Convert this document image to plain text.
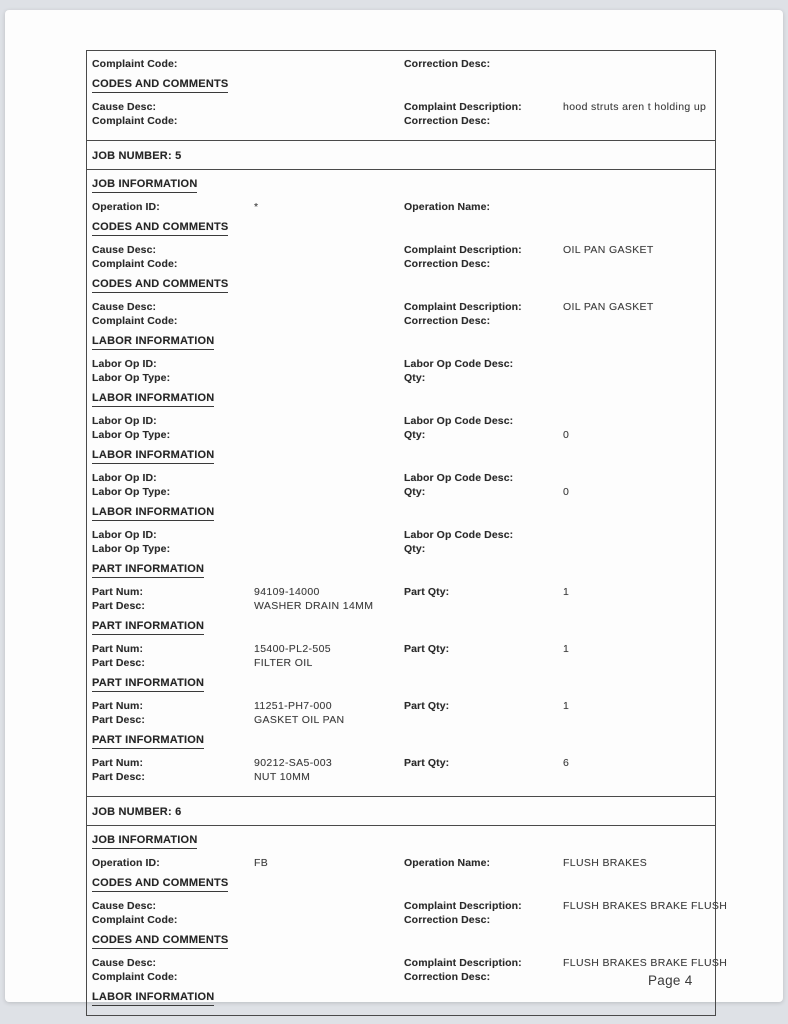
Complaint Code:	Correction Desc:
CODES AND COMMENTS
Cause Desc:	Complaint Description:	hood struts aren t holding up
Complaint Code:	Correction Desc:
JOB NUMBER: 5
JOB INFORMATION
Operation ID:	*	Operation Name:
CODES AND COMMENTS
Cause Desc:	Complaint Description:	OIL PAN GASKET
Complaint Code:	Correction Desc:
CODES AND COMMENTS
Cause Desc:	Complaint Description:	OIL PAN GASKET
Complaint Code:	Correction Desc:
LABOR INFORMATION
Labor Op ID:	Labor Op Code Desc:
Labor Op Type:	Qty:
LABOR INFORMATION
Labor Op ID:	Labor Op Code Desc:
Labor Op Type:	Qty:	0
LABOR INFORMATION
Labor Op ID:	Labor Op Code Desc:
Labor Op Type:	Qty:	0
LABOR INFORMATION
Labor Op ID:	Labor Op Code Desc:
Labor Op Type:	Qty:
PART INFORMATION
Part Num:	94109-14000	Part Qty:	1
Part Desc:	WASHER DRAIN 14MM
PART INFORMATION
Part Num:	15400-PL2-505	Part Qty:	1
Part Desc:	FILTER OIL
PART INFORMATION
Part Num:	11251-PH7-000	Part Qty:	1
Part Desc:	GASKET OIL PAN
PART INFORMATION
Part Num:	90212-SA5-003	Part Qty:	6
Part Desc:	NUT 10MM
JOB NUMBER: 6
JOB INFORMATION
Operation ID:	FB	Operation Name:	FLUSH BRAKES
CODES AND COMMENTS
Cause Desc:	Complaint Description:	FLUSH BRAKES BRAKE FLUSH
Complaint Code:	Correction Desc:
CODES AND COMMENTS
Cause Desc:	Complaint Description:	FLUSH BRAKES BRAKE FLUSH
Complaint Code:	Correction Desc:
LABOR INFORMATION
Page 4
